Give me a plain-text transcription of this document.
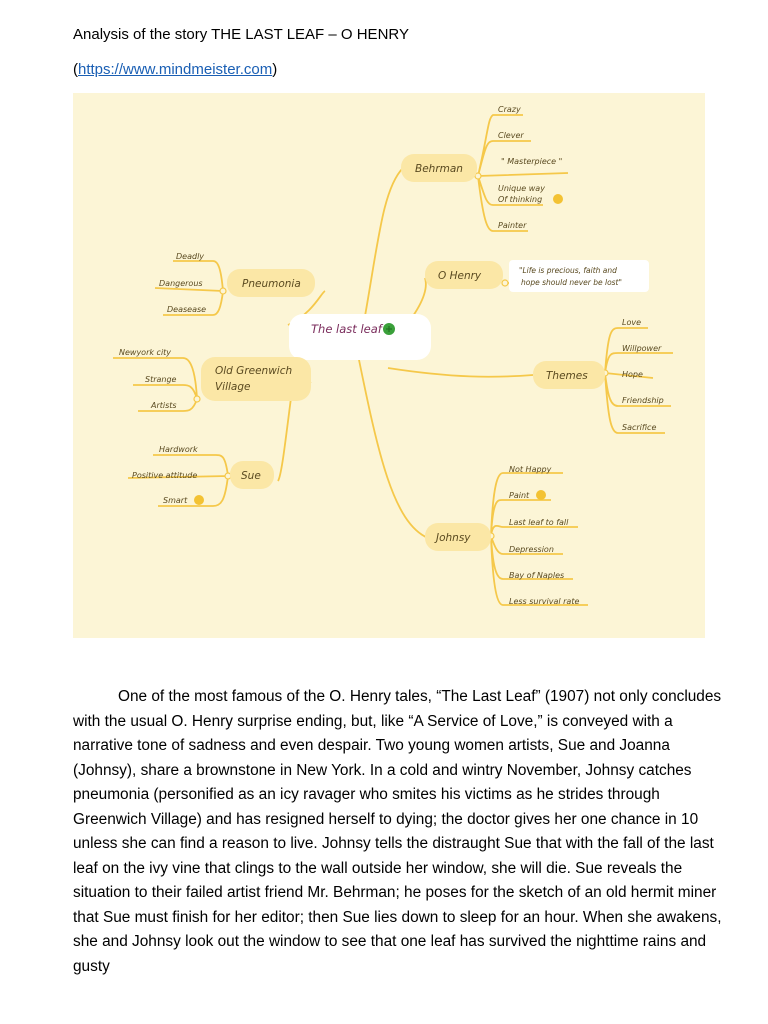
Analysis of the story THE LAST LEAF – O HENRY
(https://www.mindmeister.com)
The last leaf
Behrman
Crazy
Clever
" Masterpiece "
Unique way
Of thinking
Painter
O Henry	"Life is precious, faith and
hope should never be lost"
Themes
Love
Willpower
Hope
Friendship
Sacrifice
Johnsy
Not Happy
Paint
Last leaf to fall
Depression
Bay of Naples
Less survival rate
Pneumonia
Deadly
Dangerous
Deasease
Old Greenwich
Village
Newyork city
Strange
Artists
Sue
Hardwork
Positive attitude
Smart

One of the most famous of the O. Henry tales, “The Last Leaf” (1907) not only concludes with the usual O. Henry surprise ending, but, like “A Service of Love,” is conveyed with a narrative tone of sadness and even despair. Two young women artists, Sue and Joanna (Johnsy), share a brownstone in New York. In a cold and wintry November, Johnsy catches pneumonia (personified as an icy ravager who smites his victims as he strides through Greenwich Village) and has resigned herself to dying; the doctor gives her one chance in 10 unless she can find a reason to live. Johnsy tells the distraught Sue that with the fall of the last leaf on the ivy vine that clings to the wall outside her window, she will die. Sue reveals the situation to their failed artist friend Mr. Behrman; he poses for the sketch of an old hermit miner that Sue must finish for her editor; then Sue lies down to sleep for an hour. When she awakens, she and Johnsy look out the window to see that one leaf has survived the nighttime rains and gusty
